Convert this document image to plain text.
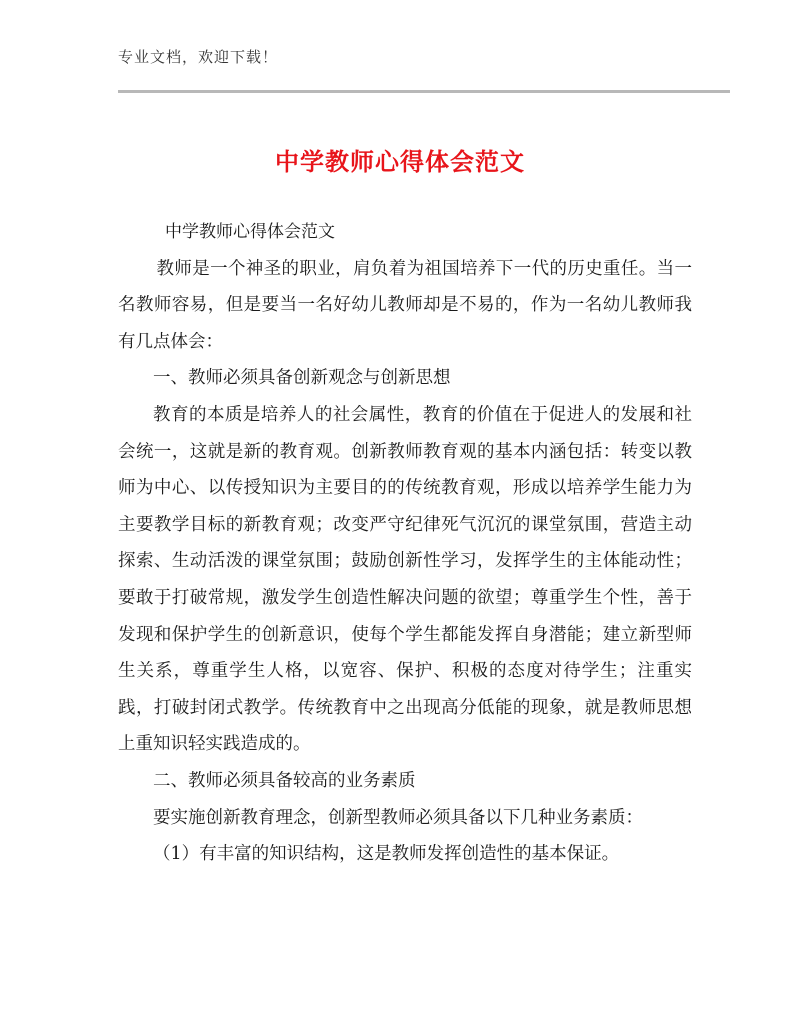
专业文档，欢迎下载！
中学教师心得体会范文

中学教师心得体会范文

教师是一个神圣的职业，肩负着为祖国培养下一代的历史重任。当一名教师容易，但是要当一名好幼儿教师却是不易的，作为一名幼儿教师我有几点体会：

一、教师必须具备创新观念与创新思想

教育的本质是培养人的社会属性，教育的价值在于促进人的发展和社会统一，这就是新的教育观。创新教师教育观的基本内涵包括：转变以教师为中心、以传授知识为主要目的的传统教育观，形成以培养学生能力为主要教学目标的新教育观；改变严守纪律死气沉沉的课堂氛围，营造主动探索、生动活泼的课堂氛围；鼓励创新性学习，发挥学生的主体能动性；要敢于打破常规，激发学生创造性解决问题的欲望；尊重学生个性，善于发现和保护学生的创新意识，使每个学生都能发挥自身潜能；建立新型师生关系，尊重学生人格，以宽容、保护、积极的态度对待学生；注重实践，打破封闭式教学。传统教育中之出现高分低能的现象，就是教师思想上重知识轻实践造成的。

二、教师必须具备较高的业务素质

要实施创新教育理念，创新型教师必须具备以下几种业务素质：

（1）有丰富的知识结构，这是教师发挥创造性的基本保证。
